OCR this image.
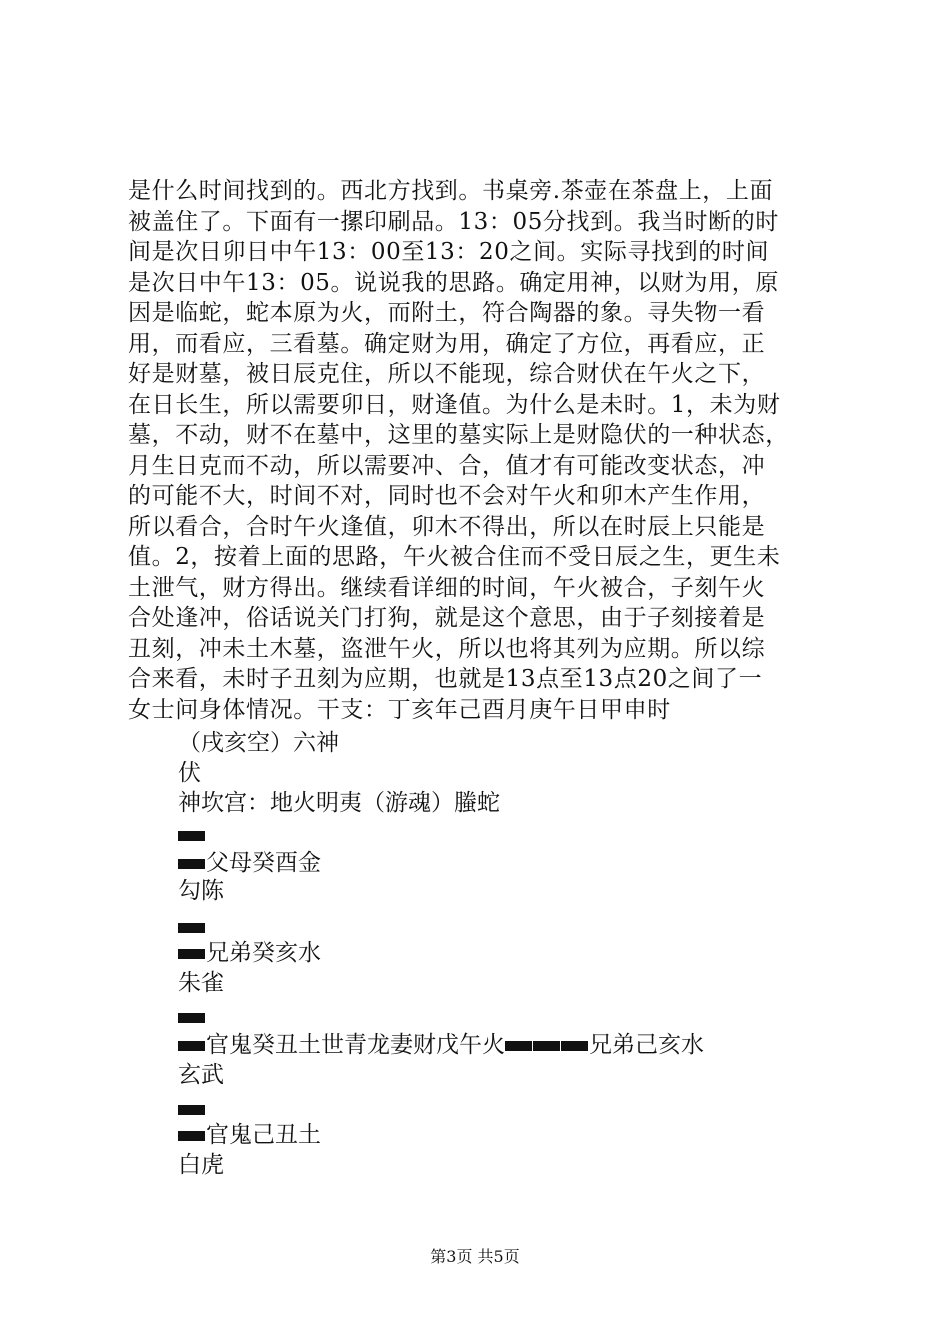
是什么时间找到的。西北方找到。书桌旁.茶壶在茶盘上，上面
被盖住了。下面有一摞印刷品。13：05分找到。我当时断的时
间是次日卯日中午13：00至13：20之间。实际寻找到的时间
是次日中午13：05。说说我的思路。确定用神，以财为用，原
因是临蛇，蛇本原为火，而附土，符合陶器的象。寻失物一看
用，而看应，三看墓。确定财为用，确定了方位，再看应，正
好是财墓，被日辰克住，所以不能现，综合财伏在午火之下，
在日长生，所以需要卯日，财逢值。为什么是未时。1，未为财
墓，不动，财不在墓中，这里的墓实际上是财隐伏的一种状态，
月生日克而不动，所以需要冲、合，值才有可能改变状态，冲
的可能不大，时间不对，同时也不会对午火和卯木产生作用，
所以看合，合时午火逢值，卯木不得出，所以在时辰上只能是
值。2，按着上面的思路，午火被合住而不受日辰之生，更生未
土泄气，财方得出。继续看详细的时间，午火被合，子刻午火
合处逢冲，俗话说关门打狗，就是这个意思，由于子刻接着是
丑刻，冲未土木墓，盗泄午火，所以也将其列为应期。所以综
合来看，未时子丑刻为应期，也就是13点至13点20之间了一
女士问身体情况。干支：丁亥年己酉月庚午日甲申时
（戌亥空）六神
伏
神坎宫：地火明夷（游魂）螣蛇
父母癸酉金
勾陈
兄弟癸亥水
朱雀
官鬼癸丑土世青龙妻财戊午火	兄弟己亥水
玄武
官鬼己丑土
白虎
第3页 共5页
